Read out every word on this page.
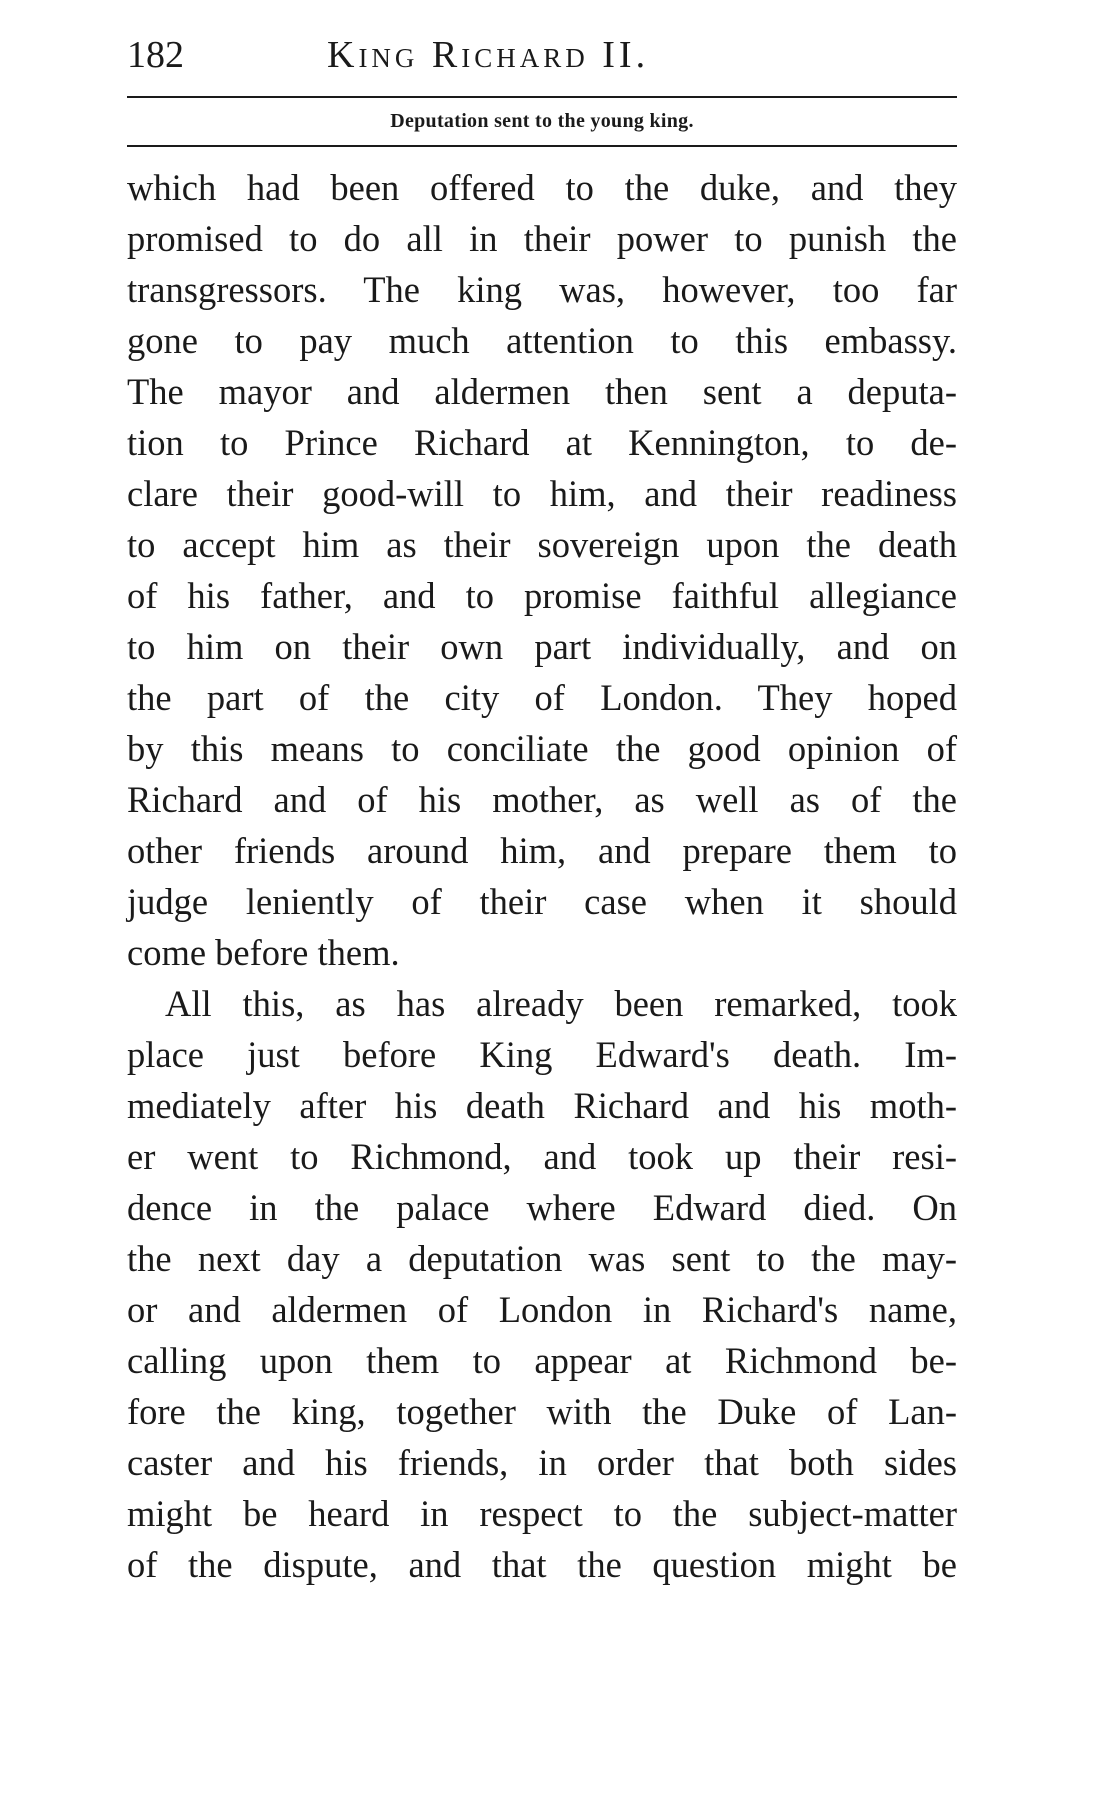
182	King Richard II.
Deputation sent to the young king.
which had been offered to the duke, and they
promised to do all in their power to punish the
transgressors. The king was, however, too far
gone to pay much attention to this embassy.
The mayor and aldermen then sent a deputa-
tion to Prince Richard at Kennington, to de-
clare their good-will to him, and their readiness
to accept him as their sovereign upon the death
of his father, and to promise faithful allegiance
to him on their own part individually, and on
the part of the city of London. They hoped
by this means to conciliate the good opinion of
Richard and of his mother, as well as of the
other friends around him, and prepare them to
judge leniently of their case when it should
come before them.
All this, as has already been remarked, took
place just before King Edward's death. Im-
mediately after his death Richard and his moth-
er went to Richmond, and took up their resi-
dence in the palace where Edward died. On
the next day a deputation was sent to the may-
or and aldermen of London in Richard's name,
calling upon them to appear at Richmond be-
fore the king, together with the Duke of Lan-
caster and his friends, in order that both sides
might be heard in respect to the subject-matter
of the dispute, and that the question might be
